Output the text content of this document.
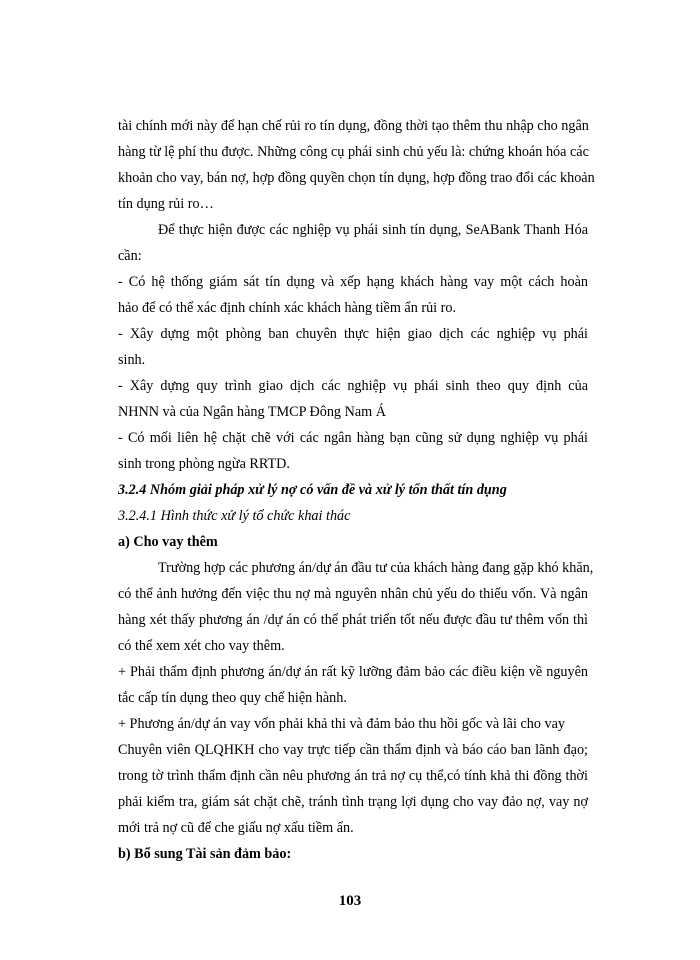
tài chính mới này để hạn chế rủi ro tín dụng, đồng thời tạo thêm thu nhập cho ngân
hàng từ lệ phí thu được. Những công cụ phái sinh chủ yếu là: chứng khoán hóa các
khoản cho vay, bán nợ, hợp đồng quyền chọn tín dụng, hợp đồng trao đổi các khoản
tín dụng rủi ro…
Để thực hiện được các nghiệp vụ phái sinh tín dụng, SeABank Thanh Hóa
cần:
- Có hệ thống giám sát tín dụng và xếp hạng khách hàng vay một cách hoàn
hảo để có thể xác định chính xác khách hàng tiềm ẩn rủi ro.
- Xây dựng một phòng ban chuyên thực hiện giao dịch các nghiệp vụ phái
sinh.
- Xây dựng quy trình giao dịch các nghiệp vụ phái sinh theo quy định của
NHNN và của Ngân hàng TMCP Đông Nam Á
- Có mối liên hệ chặt chẽ với các ngân hàng bạn cũng sử dụng nghiệp vụ phái
sinh trong phòng ngừa RRTD.
3.2.4 Nhóm giải pháp xử lý nợ có vấn đề và xử lý tổn thất tín dụng
3.2.4.1 Hình thức xử lý tổ chức khai thác
a) Cho vay thêm
Trường hợp các phương án/dự án đầu tư của khách hàng đang gặp khó khăn,
có thể ảnh hưởng đến việc thu nợ mà nguyên nhân chủ yếu do thiếu vốn. Và ngân
hàng xét thấy phương án /dự án có thể phát triển tốt nếu được đầu tư thêm vốn thì
có thể xem xét cho vay thêm.
+ Phải thẩm định phương án/dự án rất kỹ lưỡng đảm bảo các điều kiện về nguyên
tắc cấp tín dụng theo quy chế hiện hành.
+ Phương án/dự án vay vốn phải khả thi và đảm bảo thu hồi gốc và lãi cho vay
Chuyên viên QLQHKH cho vay trực tiếp cần thẩm định và báo cáo ban lãnh đạo;
trong tờ trình thẩm định cần nêu phương án trả nợ cụ thể,có tính khả thi đồng thời
phải kiểm tra, giám sát chặt chẽ, tránh tình trạng lợi dụng cho vay đảo nợ, vay nợ
mới trả nợ cũ để che giấu nợ xấu tiềm ẩn.
b) Bổ sung Tài sản đảm bảo:
103
